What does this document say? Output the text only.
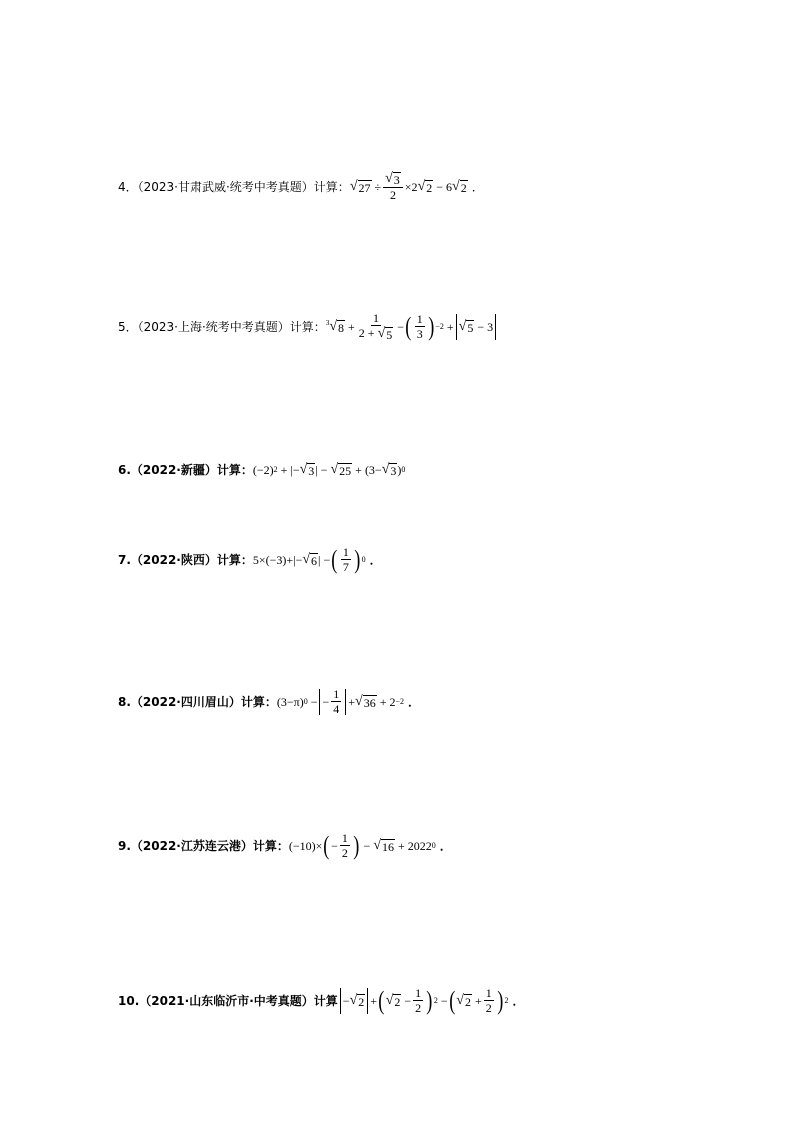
4．（2023·甘肃武威·统考中考真题）计算： √ $27 \div \frac{√ 3}{2} \times 2$ √ 2 − 6 √ 2 ．
5．（2023·上海·统考中考真题）计算： 3 √ $8 + \frac{1}{2 + √ 5}$ − ( $\frac{1}{3}$ ) −2 + √ 5 − 3
6.（2022·新疆）计算： (−2) 2 + |− √ 3 | − √ 25 + (3− √ 3 ) 0
7.（2022·陕西）计算： 5×(−3)+|− √ 6 | − ( $\frac{1}{7}$ ) 0 ．
8.（2022·四川眉山）计算： (3−π) 0 − − $\frac{1}{4}$ + √ 36 + 2 −2 ．
9.（2022·江苏连云港）计算： (−10)× ( − $\frac{1}{2}$ ) − √ 16 + 2022 0 ．
10.（2021·山东临沂市·中考真题）计算 − √ 2 + ( √ $2 - \frac{1}{2}$ ) 2 − ( √ $2 + \frac{1}{2}$ ) 2 ．
